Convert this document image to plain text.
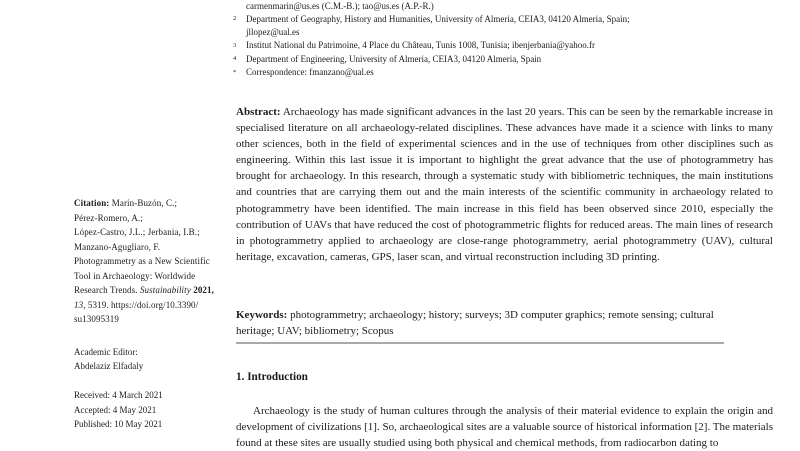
Citation: Marín-Buzón, C.;
Pérez-Romero, A.;
López-Castro, J.L.; Jerbania, I.B.;
Manzano-Agugliaro, F.
Photogrammetry as a New Scientific
Tool in Archaeology: Worldwide
Research Trends. Sustainability 2021,
13, 5319. https://doi.org/10.3390/
su13095319
Academic Editor:
Abdelaziz Elfadaly
Received: 4 March 2021
Accepted: 4 May 2021
Published: 10 May 2021
carmenmarin@us.es (C.M.-B.); tao@us.es (A.P.-R.)
2	Department of Geography, History and Humanities, University of Almeria, CEIA3, 04120 Almeria, Spain;
jllopez@ual.es
3	Institut National du Patrimoine, 4 Place du Château, Tunis 1008, Tunisia; ibenjerbania@yahoo.fr
4	Department of Engineering, University of Almeria, CEIA3, 04120 Almeria, Spain
*	Correspondence: fmanzano@ual.es

Abstract: Archaeology has made significant advances in the last 20 years. This can be seen by the remarkable increase in specialised literature on all archaeology-related disciplines. These advances have made it a science with links to many other sciences, both in the field of experimental sciences and in the use of techniques from other disciplines such as engineering. Within this last issue it is important to highlight the great advance that the use of photogrammetry has brought for archaeology. In this research, through a systematic study with bibliometric techniques, the main institutions and countries that are carrying them out and the main interests of the scientific community in archaeology related to photogrammetry have been identified. The main increase in this field has been observed since 2010, especially the contribution of UAVs that have reduced the cost of photogrammetric flights for reduced areas. The main lines of research in photogrammetry applied to archaeology are close-range photogrammetry, aerial photogrammetry (UAV), cultural heritage, excavation, cameras, GPS, laser scan, and virtual reconstruction including 3D printing.

Keywords: photogrammetry; archaeology; history; surveys; 3D computer graphics; remote sensing; cultural heritage; UAV; bibliometry; Scopus

1. Introduction

Archaeology is the study of human cultures through the analysis of their material evidence to explain the origin and development of civilizations [1]. So, archaeological sites are a valuable source of historical information [2]. The materials found at these sites are usually studied using both physical and chemical methods, from radiocarbon dating to
